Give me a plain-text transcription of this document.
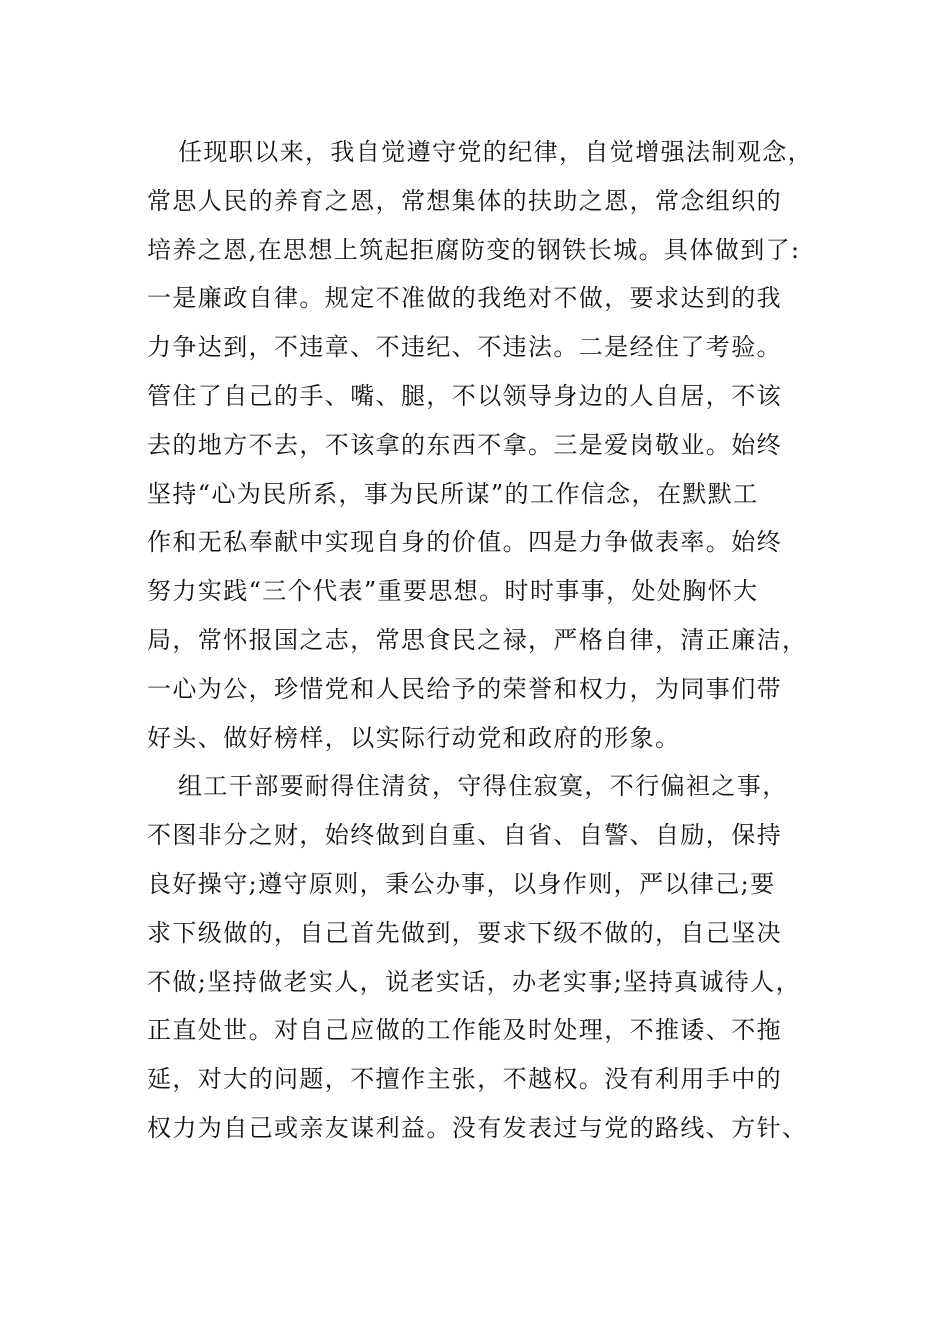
任现职以来，我自觉遵守党的纪律，自觉增强法制观念，
常思人民的养育之恩，常想集体的扶助之恩，常念组织的
培养之恩,在思想上筑起拒腐防变的钢铁长城。具体做到了:
一是廉政自律。规定不准做的我绝对不做，要求达到的我
力争达到，不违章、不违纪、不违法。二是经住了考验。
管住了自己的手、嘴、腿，不以领导身边的人自居，不该
去的地方不去，不该拿的东西不拿。三是爱岗敬业。始终
坚持“心为民所系，事为民所谋”的工作信念，在默默工
作和无私奉献中实现自身的价值。四是力争做表率。始终
努力实践“三个代表”重要思想。时时事事，处处胸怀大
局，常怀报国之志，常思食民之禄，严格自律，清正廉洁，
一心为公，珍惜党和人民给予的荣誉和权力，为同事们带
好头、做好榜样，以实际行动党和政府的形象。
组工干部要耐得住清贫，守得住寂寞，不行偏袒之事，
不图非分之财，始终做到自重、自省、自警、自励，保持
良好操守;遵守原则，秉公办事，以身作则，严以律己;要
求下级做的，自己首先做到，要求下级不做的，自己坚决
不做;坚持做老实人，说老实话，办老实事;坚持真诚待人，
正直处世。对自己应做的工作能及时处理，不推诿、不拖
延，对大的问题，不擅作主张，不越权。没有利用手中的
权力为自己或亲友谋利益。没有发表过与党的路线、方针、
